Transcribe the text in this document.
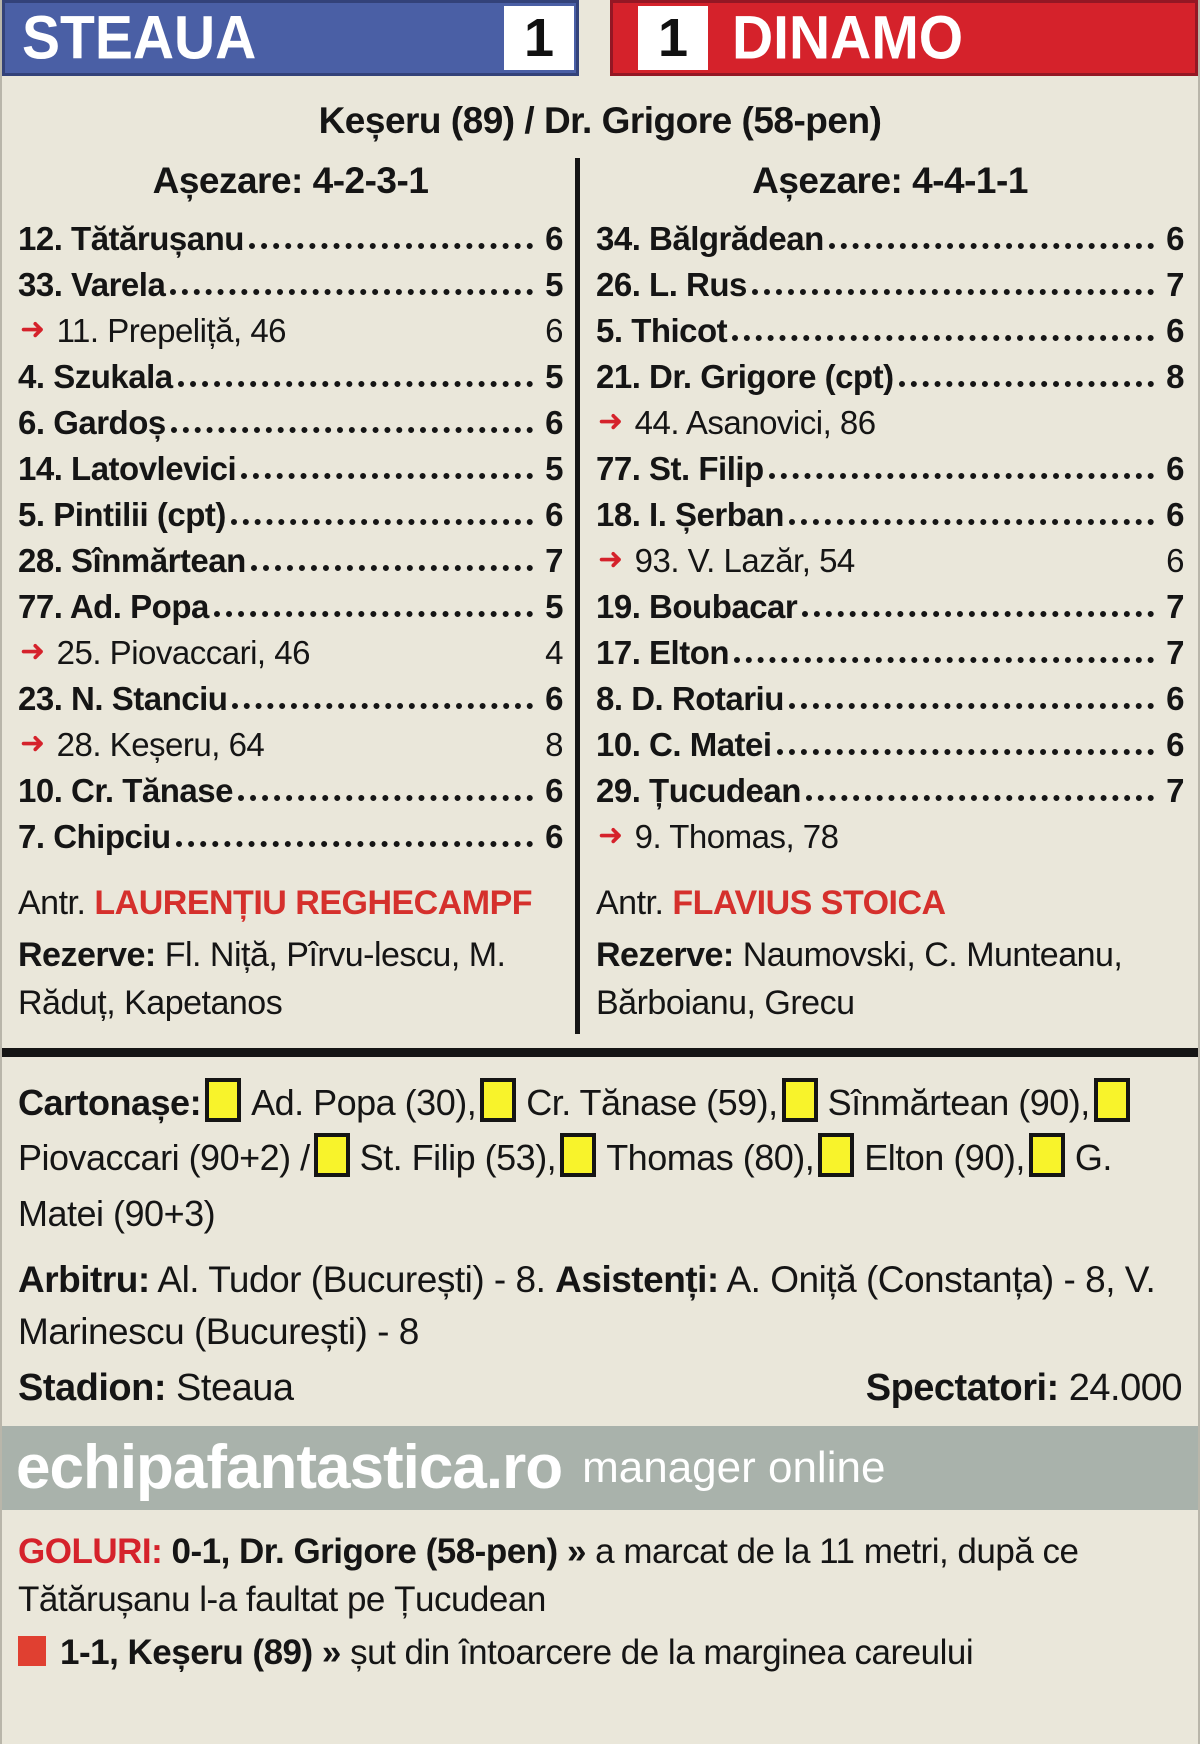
STEAUA	1 1 DINAMO
Keșeru (89) / Dr. Grigore (58-pen)
Așezare: 4-2-3-1
12. Tătărușanu	6
33. Varela	5
➜ 11. Prepeliță, 46	6
4. Szukala	5
6. Gardoș	6
14. Latovlevici	5
5. Pintilii (cpt)	6
28. Sînmărtean	7
77. Ad. Popa	5
➜ 25. Piovaccari, 46	4
23. N. Stanciu	6
➜ 28. Keșeru, 64	8
10. Cr. Tănase	6
7. Chipciu	6
Antr. LAURENȚIU REGHECAMPF
Rezerve: Fl. Niță, Pîrvu-lescu, M. Răduț, Kapetanos
Așezare: 4-4-1-1
34. Bălgrădean	6
26. L. Rus	7
5. Thicot	6
21. Dr. Grigore (cpt)	8
➜ 44. Asanovici, 86
77. St. Filip	6
18. I. Șerban	6
➜ 93. V. Lazăr, 54	6
19. Boubacar	7
17. Elton	7
8. D. Rotariu	6
10. C. Matei	6
29. Țucudean	7
➜ 9. Thomas, 78
Antr. FLAVIUS STOICA
Rezerve: Naumovski, C. Munteanu, Bărboianu, Grecu
Cartonașe: Ad. Popa (30), Cr. Tănase (59), Sînmărtean (90),Piovaccari (90+2) / St. Filip (53), Thomas (80), Elton (90), G. Matei (90+3)
Arbitru: Al. Tudor (București) - 8. Asistenți: A. Oniță (Constanța) - 8, V. Marinescu (București) - 8
Stadion: Steaua	Spectatori: 24.000
echipafantastica.ro manager online

GOLURI: 0-1, Dr. Grigore (58-pen) » a marcat de la 11 metri, după ce Tătărușanu l-a faultat pe Țucudean

1-1, Keșeru (89) » șut din întoarcere de la marginea careului
